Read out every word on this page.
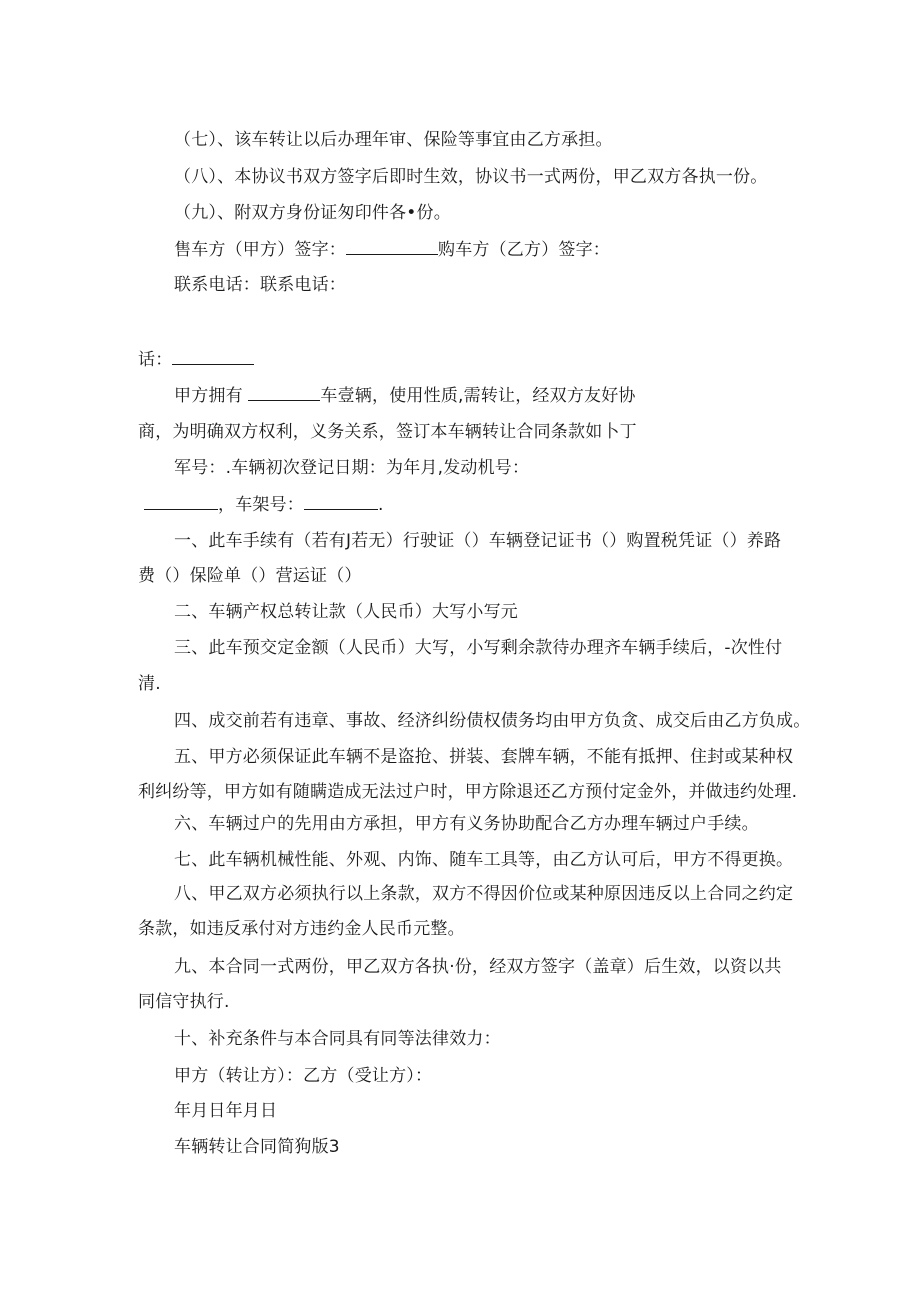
（七）、该车转让以后办理年审、保险等事宜由乙方承担。
（八）、本协议书双方签字后即时生效，协议书一式两份，甲乙双方各执一份。
（九）、附双方身份证匆印件各•份。
售车方（甲方）签字：	购车方（乙方）签字：
联系电话：联系电话：
话：
甲方拥有	车壹辆，使用性质,需转让，经双方友好协
商，为明确双方权利，义务关系，签订本车辆转让合同条款如卜丁
军号：.车辆初次登记日期：为年月,发动机号：
，车架号：	.
一、此车手续有（若有J若无）行驶证（）车辆登记证书（）购置税凭证（）养路
费（）保险单（）营运证（）
二、车辆产权总转让款（人民币）大写小写元
三、此车预交定金额（人民币）大写，小写剩余款待办理齐车辆手续后，-次性付
清.
四、成交前若有违章、事故、经济纠纷债权债务均由甲方负贪、成交后由乙方负成。
五、甲方必须保证此车辆不是盗抢、拼装、套牌车辆，不能有抵押、住封或某种权
利纠纷等，甲方如有随瞒造成无法过户时，甲方除退还乙方预付定金外，并做违约处理.
六、车辆过户的先用由方承担，甲方有义务协助配合乙方办理车辆过户手续。
七、此车辆机械性能、外观、内饰、随车工具等，由乙方认可后，甲方不得更换。
八、甲乙双方必须执行以上条款，双方不得因价位或某种原因违反以上合同之约定
条款，如违反承付对方违约金人民币元整。
九、本合同一式两份，甲乙双方各执·份，经双方签字（盖章）后生效，以资以共
同信守执行.
十、补充条件与本合同具有同等法律效力：
甲方（转让方）：乙方（受让方）：
年月日年月日
车辆转让合同简狗版3
